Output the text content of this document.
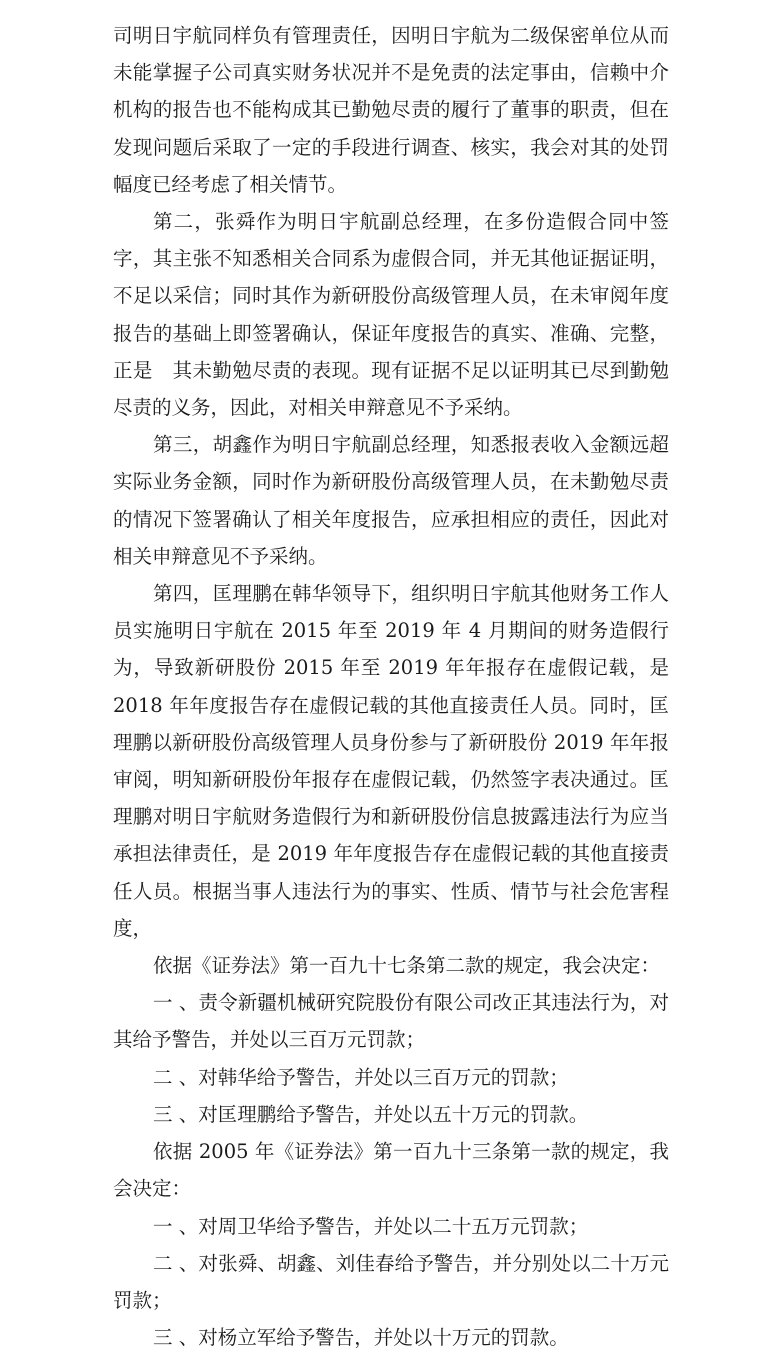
司明日宇航同样负有管理责任，因明日宇航为二级保密单位从而未能掌握子公司真实财务状况并不是免责的法定事由，信赖中介机构的报告也不能构成其已勤勉尽责的履行了董事的职责，但在发现问题后采取了一定的手段进行调查、核实，我会对其的处罚幅度已经考虑了相关情节。

第二，张舜作为明日宇航副总经理，在多份造假合同中签字，其主张不知悉相关合同系为虚假合同，并无其他证据证明，不足以采信；同时其作为新研股份高级管理人员，在未审阅年度报告的基础上即签署确认，保证年度报告的真实、准确、完整，正是　其未勤勉尽责的表现。现有证据不足以证明其已尽到勤勉尽责的义务，因此，对相关申辩意见不予采纳。

第三，胡鑫作为明日宇航副总经理，知悉报表收入金额远超实际业务金额，同时作为新研股份高级管理人员，在未勤勉尽责的情况下签署确认了相关年度报告，应承担相应的责任，因此对相关申辩意见不予采纳。

第四，匡理鹏在韩华领导下，组织明日宇航其他财务工作人员实施明日宇航在 2015 年至 2019 年 4 月期间的财务造假行为，导致新研股份 2015 年至 2019 年年报存在虚假记载，是 2018 年年度报告存在虚假记载的其他直接责任人员。同时，匡理鹏以新研股份高级管理人员身份参与了新研股份 2019 年年报审阅，明知新研股份年报存在虚假记载，仍然签字表决通过。匡理鹏对明日宇航财务造假行为和新研股份信息披露违法行为应当承担法律责任，是 2019 年年度报告存在虚假记载的其他直接责任人员。根据当事人违法行为的事实、性质、情节与社会危害程度，

依据《证券法》第一百九十七条第二款的规定，我会决定：

一 、责令新疆机械研究院股份有限公司改正其违法行为，对其给予警告，并处以三百万元罚款；

二 、对韩华给予警告，并处以三百万元的罚款；

三 、对匡理鹏给予警告，并处以五十万元的罚款。

依据 2005 年《证券法》第一百九十三条第一款的规定，我会决定：

一 、对周卫华给予警告，并处以二十五万元罚款；

二 、对张舜、胡鑫、刘佳春给予警告，并分别处以二十万元罚款；

三 、对杨立军给予警告，并处以十万元的罚款。
